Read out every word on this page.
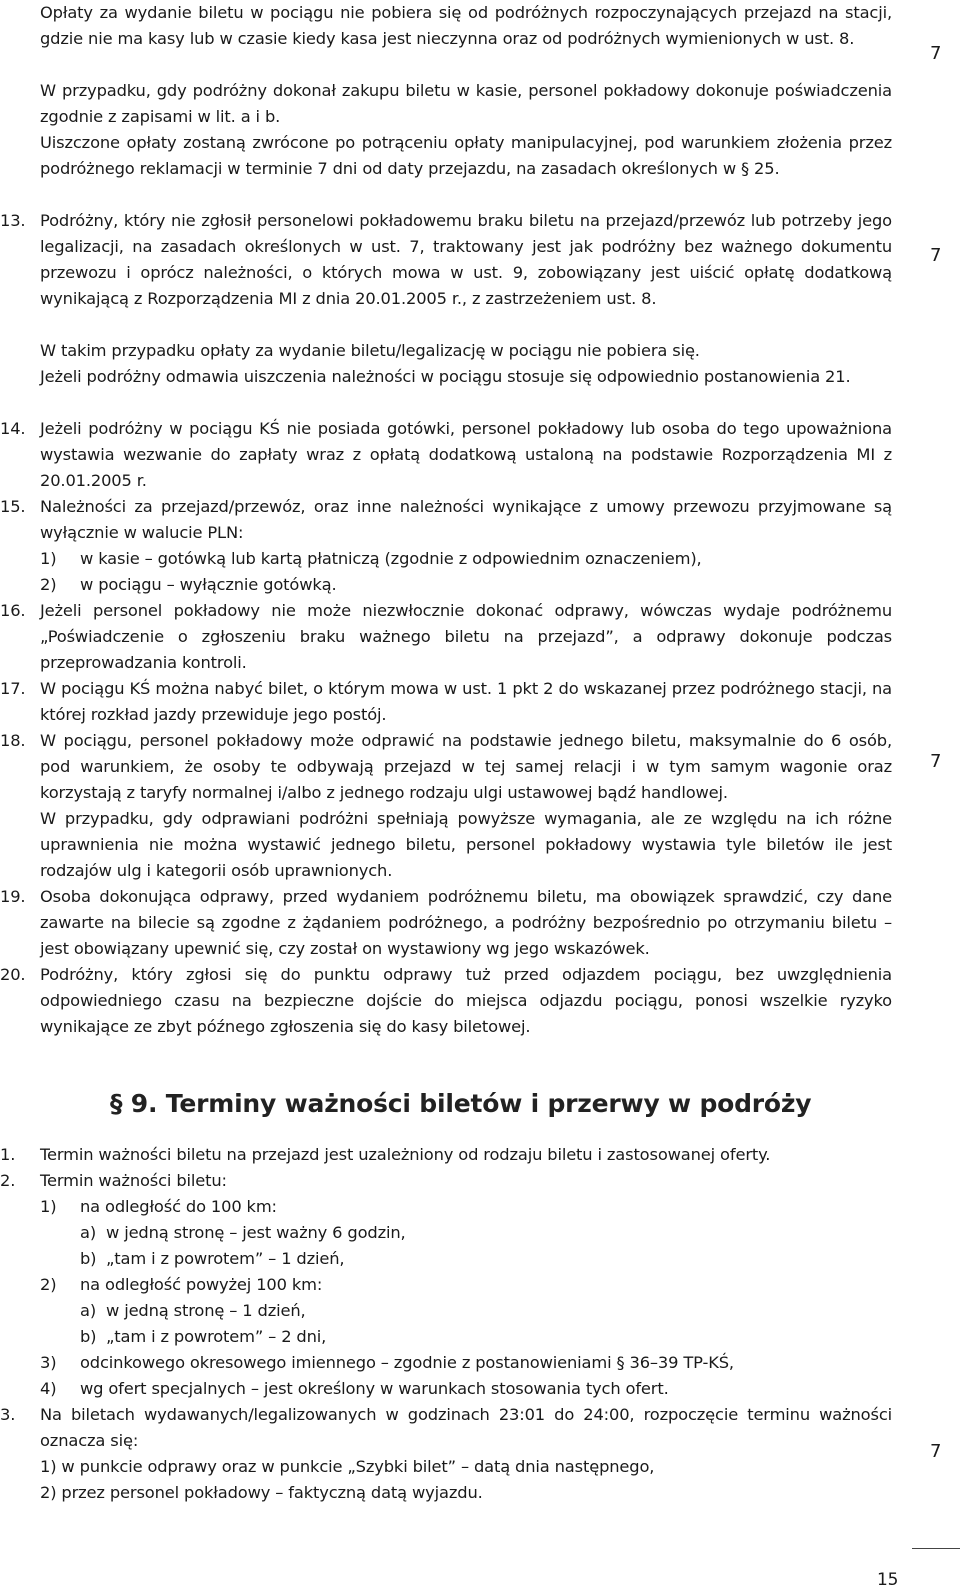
Opłaty za wydanie biletu w pociągu nie pobiera się od podróżnych rozpoczynających przejazd na stacji, gdzie nie ma kasy lub w czasie kiedy kasa jest nieczynna oraz od podróżnych wymienionych w ust. 8.

W przypadku, gdy podróżny dokonał zakupu biletu w kasie, personel pokładowy dokonuje poświadczenia zgodnie z zapisami w lit. a i b.

Uiszczone opłaty zostaną zwrócone po potrąceniu opłaty manipulacyjnej, pod warunkiem złożenia przez podróżnego reklamacji w terminie 7 dni od daty przejazdu, na zasadach określonych w § 25.

13. Podróżny, który nie zgłosił personelowi pokładowemu braku biletu na przejazd/przewóz lub potrzeby jego legalizacji, na zasadach określonych w ust. 7, traktowany jest jak podróżny bez ważnego dokumentu przewozu i oprócz należności, o których mowa w ust. 9, zobowiązany jest uiścić opłatę dodatkową wynikającą z Rozporządzenia MI z dnia 20.01.2005 r., z zastrzeżeniem ust. 8.

W takim przypadku opłaty za wydanie biletu/legalizację w pociągu nie pobiera się.

Jeżeli podróżny odmawia uiszczenia należności w pociągu stosuje się odpowiednio postanowienia 21.

14. Jeżeli podróżny w pociągu KŚ nie posiada gotówki, personel pokładowy lub osoba do tego upoważniona wystawia wezwanie do zapłaty wraz z opłatą dodatkową ustaloną na podstawie Rozporządzenia MI z 20.01.2005 r.
15. Należności za przejazd/przewóz, oraz inne należności wynikające z umowy przewozu przyjmowane są wyłącznie w walucie PLN:
1)	w kasie – gotówką lub kartą płatniczą (zgodnie z odpowiednim oznaczeniem),
2)	w pociągu – wyłącznie gotówką.
16. Jeżeli personel pokładowy nie może niezwłocznie dokonać odprawy, wówczas wydaje podróżnemu „Poświadczenie o zgłoszeniu braku ważnego biletu na przejazd”, a odprawy dokonuje podczas przeprowadzania kontroli.
17. W pociągu KŚ można nabyć bilet, o którym mowa w ust. 1 pkt 2 do wskazanej przez podróżnego stacji, na której rozkład jazdy przewiduje jego postój.
18. W pociągu, personel pokładowy może odprawić na podstawie jednego biletu, maksymalnie do 6 osób, pod warunkiem, że osoby te odbywają przejazd w tej samej relacji i w tym samym wagonie oraz korzystają z taryfy normalnej i/albo z jednego rodzaju ulgi ustawowej bądź handlowej.

W przypadku, gdy odprawiani podróżni spełniają powyższe wymagania, ale ze względu na ich różne uprawnienia nie można wystawić jednego biletu, personel pokładowy wystawia tyle biletów ile jest rodzajów ulg i kategorii osób uprawnionych.

19. Osoba dokonująca odprawy, przed wydaniem podróżnemu biletu, ma obowiązek sprawdzić, czy dane zawarte na bilecie są zgodne z żądaniem podróżnego, a podróżny bezpośrednio po otrzymaniu biletu – jest obowiązany upewnić się, czy został on wystawiony wg jego wskazówek.
20. Podróżny, który zgłosi się do punktu odprawy tuż przed odjazdem pociągu, bez uwzględnienia odpowiedniego czasu na bezpieczne dojście do miejsca odjazdu pociągu, ponosi wszelkie ryzyko wynikające ze zbyt późnego zgłoszenia się do kasy biletowej.
§ 9. Terminy ważności biletów i przerwy w podróży
1.	Termin ważności biletu na przejazd jest uzależniony od rodzaju biletu i zastosowanej oferty.
2.	Termin ważności biletu:
1)	na odległość do 100 km:
a) w jedną stronę – jest ważny 6 godzin,
b) „tam i z powrotem” – 1 dzień,
2)	na odległość powyżej 100 km:
a) w jedną stronę – 1 dzień,
b) „tam i z powrotem” – 2 dni,
3)	odcinkowego okresowego imiennego – zgodnie z postanowieniami § 36–39 TP-KŚ,
4)	wg ofert specjalnych – jest określony w warunkach stosowania tych ofert.
3.	Na biletach wydawanych/legalizowanych w godzinach 23:01 do 24:00, rozpoczęcie terminu ważności oznacza się:

1) w punkcie odprawy oraz w punkcie „Szybki bilet” – datą dnia następnego,

2) przez personel pokładowy – faktyczną datą wyjazdu.

7
7
7
7
15
